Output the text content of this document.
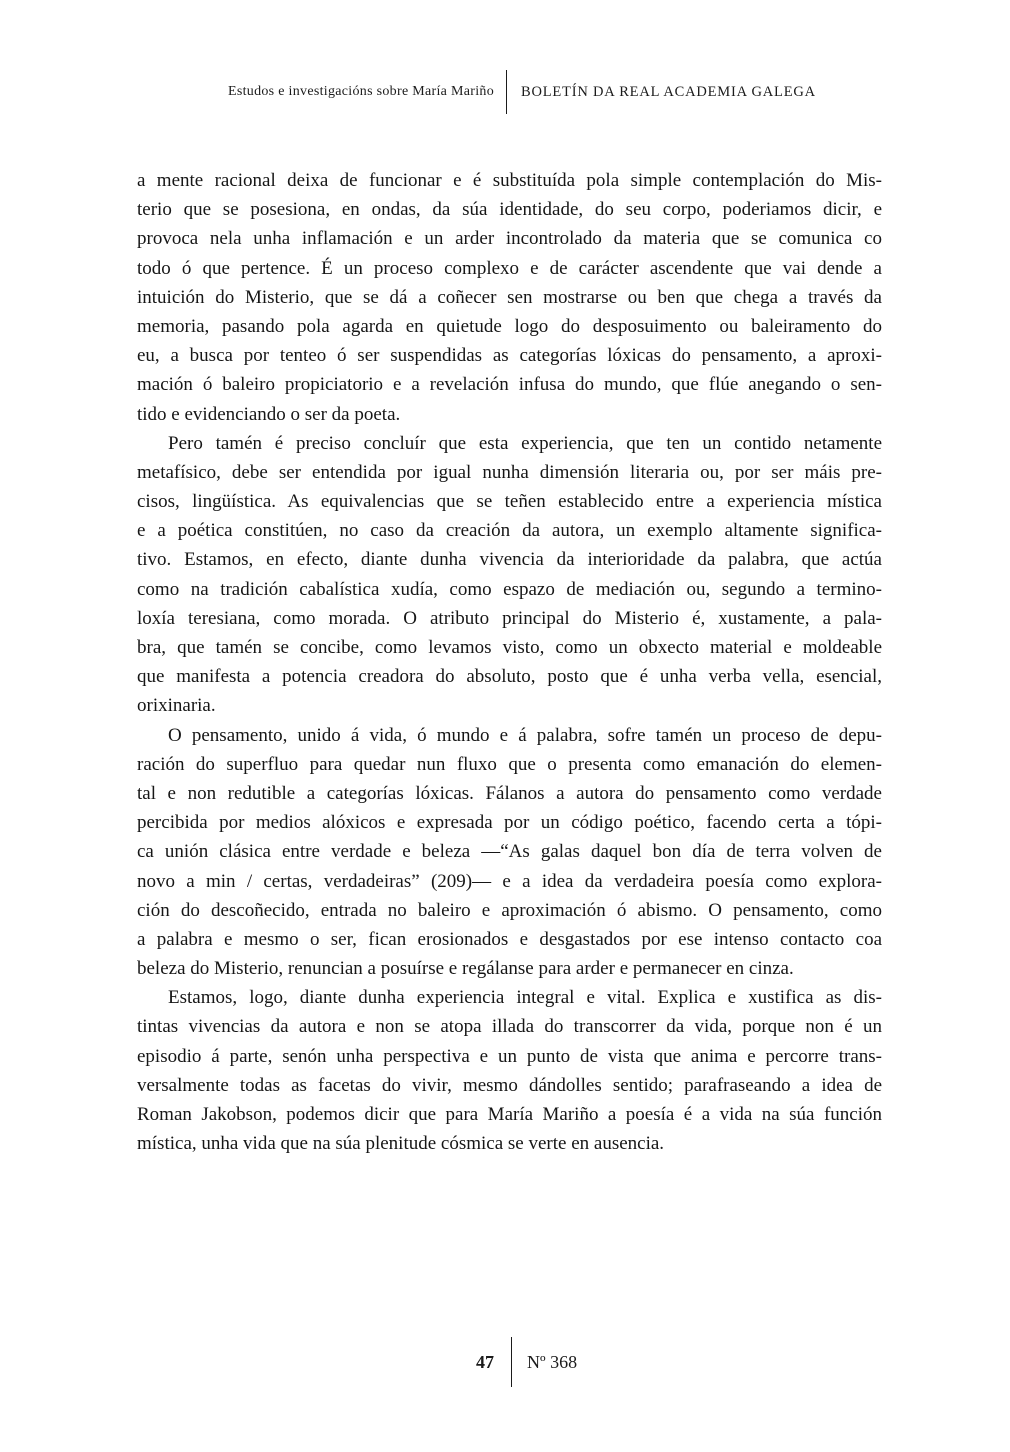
Estudos e investigacións sobre María Mariño	BOLETÍN DA REAL ACADEMIA GALEGA
a mente racional deixa de funcionar e é substituída pola simple contemplación do Mis-
terio que se posesiona, en ondas, da súa identidade, do seu corpo, poderiamos dicir, e
provoca nela unha inflamación e un arder incontrolado da materia que se comunica co
todo ó que pertence. É un proceso complexo e de carácter ascendente que vai dende a
intuición do Misterio, que se dá a coñecer sen mostrarse ou ben que chega a través da
memoria, pasando pola agarda en quietude logo do desposuimento ou baleiramento do
eu, a busca por tenteo ó ser suspendidas as categorías lóxicas do pensamento, a aproxi-
mación ó baleiro propiciatorio e a revelación infusa do mundo, que flúe anegando o sen-
tido e evidenciando o ser da poeta.
Pero tamén é preciso concluír que esta experiencia, que ten un contido netamente
metafísico, debe ser entendida por igual nunha dimensión literaria ou, por ser máis pre-
cisos, lingüística. As equivalencias que se teñen establecido entre a experiencia mística
e a poética constitúen, no caso da creación da autora, un exemplo altamente significa-
tivo. Estamos, en efecto, diante dunha vivencia da interioridade da palabra, que actúa
como na tradición cabalística xudía, como espazo de mediación ou, segundo a termino-
loxía teresiana, como morada. O atributo principal do Misterio é, xustamente, a pala-
bra, que tamén se concibe, como levamos visto, como un obxecto material e moldeable
que manifesta a potencia creadora do absoluto, posto que é unha verba vella, esencial,
orixinaria.
O pensamento, unido á vida, ó mundo e á palabra, sofre tamén un proceso de depu-
ración do superfluo para quedar nun fluxo que o presenta como emanación do elemen-
tal e non redutible a categorías lóxicas. Fálanos a autora do pensamento como verdade
percibida por medios alóxicos e expresada por un código poético, facendo certa a tópi-
ca unión clásica entre verdade e beleza —“As galas daquel bon día de terra volven de
novo a min / certas, verdadeiras” (209)— e a idea da verdadeira poesía como explora-
ción do descoñecido, entrada no baleiro e aproximación ó abismo. O pensamento, como
a palabra e mesmo o ser, fican erosionados e desgastados por ese intenso contacto coa
beleza do Misterio, renuncian a posuírse e regálanse para arder e permanecer en cinza.
Estamos, logo, diante dunha experiencia integral e vital. Explica e xustifica as dis-
tintas vivencias da autora e non se atopa illada do transcorrer da vida, porque non é un
episodio á parte, senón unha perspectiva e un punto de vista que anima e percorre trans-
versalmente todas as facetas do vivir, mesmo dándolles sentido; parafraseando a idea de
Roman Jakobson, podemos dicir que para María Mariño a poesía é a vida na súa función
mística, unha vida que na súa plenitude cósmica se verte en ausencia.
47	Nº 368
